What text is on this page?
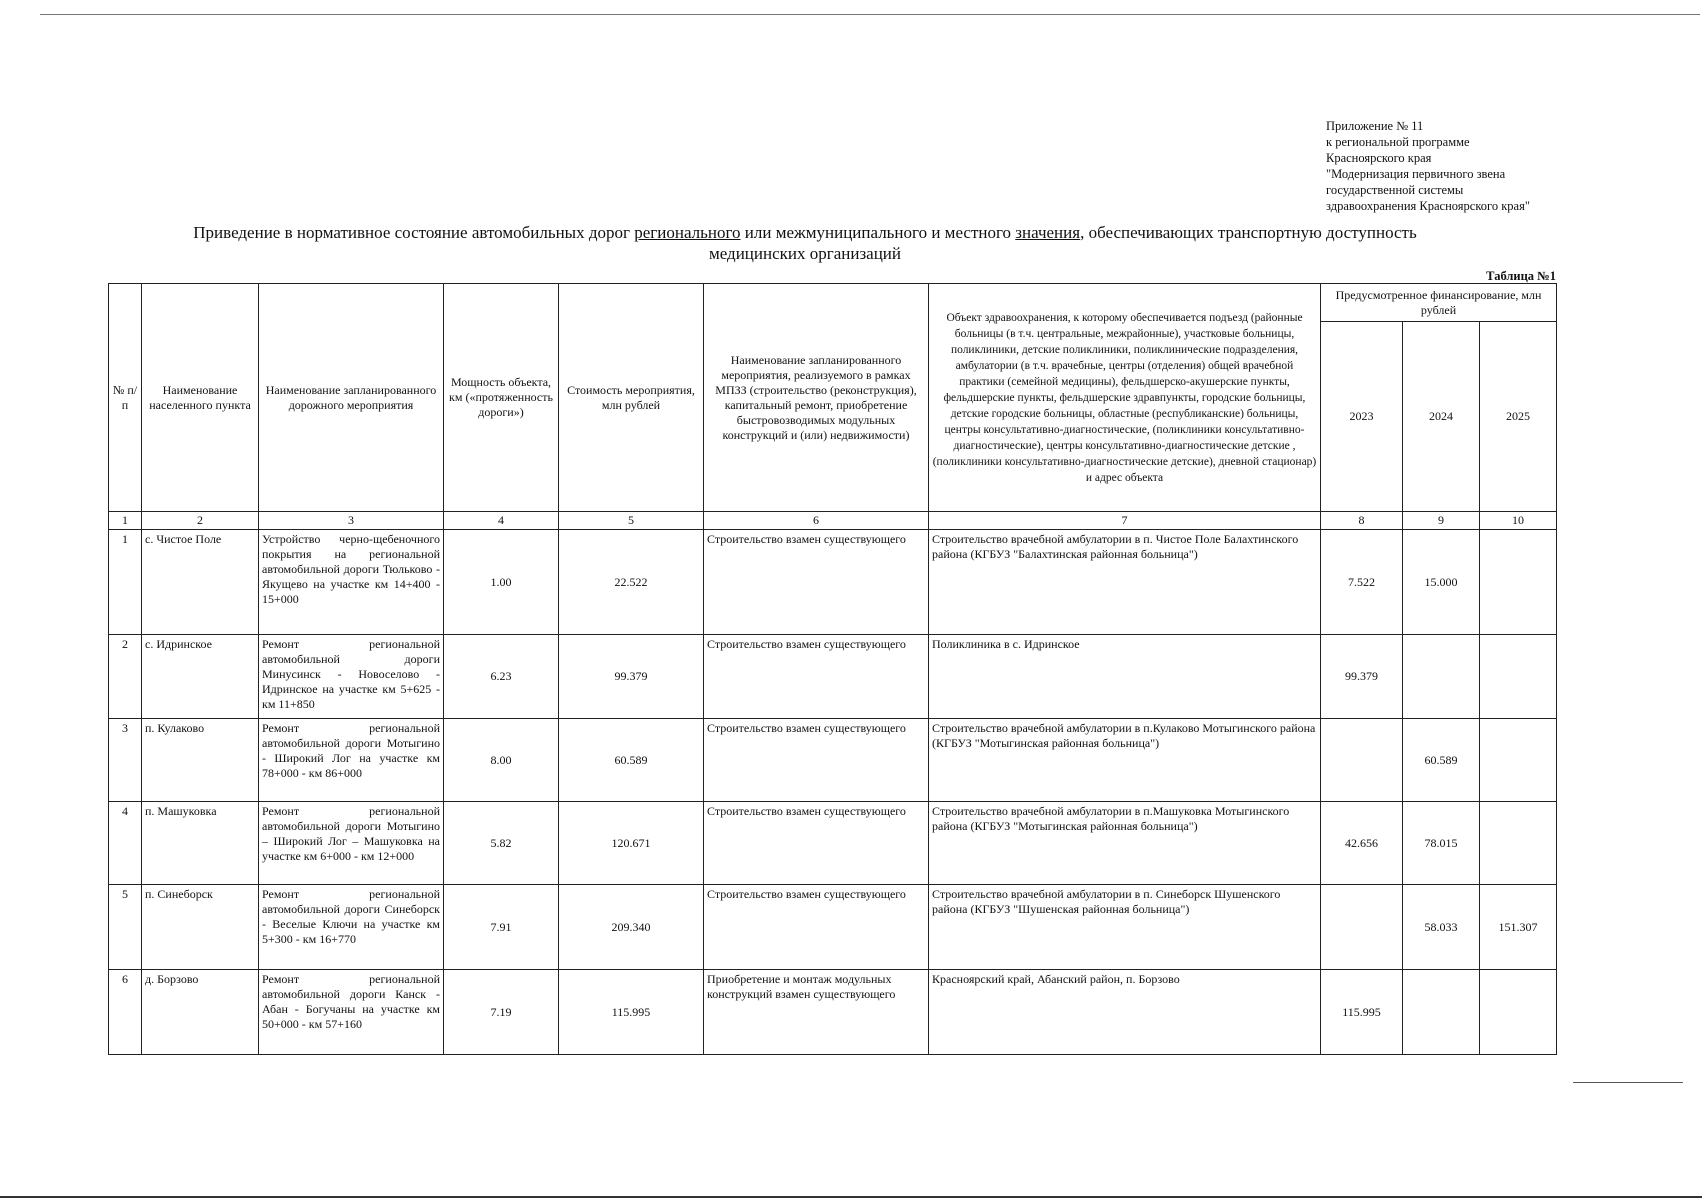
Приложение № 11
к региональной программе
Красноярского края
"Модернизация первичного звена
государственной системы
здравоохранения Красноярского края"
Приведение в нормативное состояние автомобильных дорог регионального или межмуниципального и местного значения, обеспечивающих транспортную доступность
медицинских организаций
Таблица №1
№ п/п	Наименование населенного пункта	Наименование запланированного дорожного мероприятия	Мощность объекта, км («протяженность дороги»)	Стоимость мероприятия, млн рублей	Наименование запланированного мероприятия, реализуемого в рамках МПЗЗ (строительство (реконструкция), капитальный ремонт, приобретение быстровозводимых модульных конструкций и (или) недвижимости)	Объект здравоохранения, к которому обеспечивается подъезд (районные больницы (в т.ч. центральные, межрайонные), участковые больницы, поликлиники, детские поликлиники, поликлинические подразделения, амбулатории (в т.ч. врачебные, центры (отделения) общей врачебной практики (семейной медицины), фельдшерско-акушерские пункты, фельдшерские пункты, фельдшерские здравпункты, городские больницы, детские городские больницы, областные (республиканские) больницы, центры консультативно-диагностические, (поликлиники консультативно-диагностические), центры консультативно-диагностические детские , (поликлиники консультативно-диагностические детские), дневной стационар) и адрес объекта	Предусмотренное финансирование, млн рублей		
							2023	2024	2025
1	2	3	4	5	6	7	8	9	10
1	с. Чистое Поле	Устройство черно-щебеночного покрытия на региональной автомобильной дороги Тюльково - Якущево на участке км 14+400 - 15+000	1.00	22.522	Строительство взамен существующего	Строительство врачебной амбулатории в п. Чистое Поле Балахтинского района (КГБУЗ "Балахтинская районная больница")	7.522	15.000	
2	с. Идринское	Ремонт региональной автомобильной дороги Минусинск - Новоселово - Идринское на участке км 5+625 - км 11+850	6.23	99.379	Строительство взамен существующего	Поликлиника в с. Идринское	99.379		
3	п. Кулаково	Ремонт региональной автомобильной дороги Мотыгино - Широкий Лог на участке км 78+000 - км 86+000	8.00	60.589	Строительство взамен существующего	Строительство врачебной амбулатории в п.Кулаково Мотыгинского района (КГБУЗ "Мотыгинская районная больница")		60.589	
4	п. Машуковка	Ремонт региональной автомобильной дороги Мотыгино – Широкий Лог – Машуковка на участке км 6+000 - км 12+000	5.82	120.671	Строительство взамен существующего	Строительство врачебной амбулатории в п.Машуковка Мотыгинского района (КГБУЗ "Мотыгинская районная больница")	42.656	78.015	
5	п. Синеборск	Ремонт региональной автомобильной дороги Синеборск - Веселые Ключи на участке км 5+300 - км 16+770	7.91	209.340	Строительство взамен существующего	Строительство врачебной амбулатории в п. Синеборск Шушенского района (КГБУЗ "Шушенская районная больница")		58.033	151.307
6	д. Борзово	Ремонт региональной автомобильной дороги Канск - Абан - Богучаны на участке км 50+000 - км 57+160	7.19	115.995	Приобретение и монтаж модульных конструкций взамен существующего	Красноярский край, Абанский район, п. Борзово	115.995		
